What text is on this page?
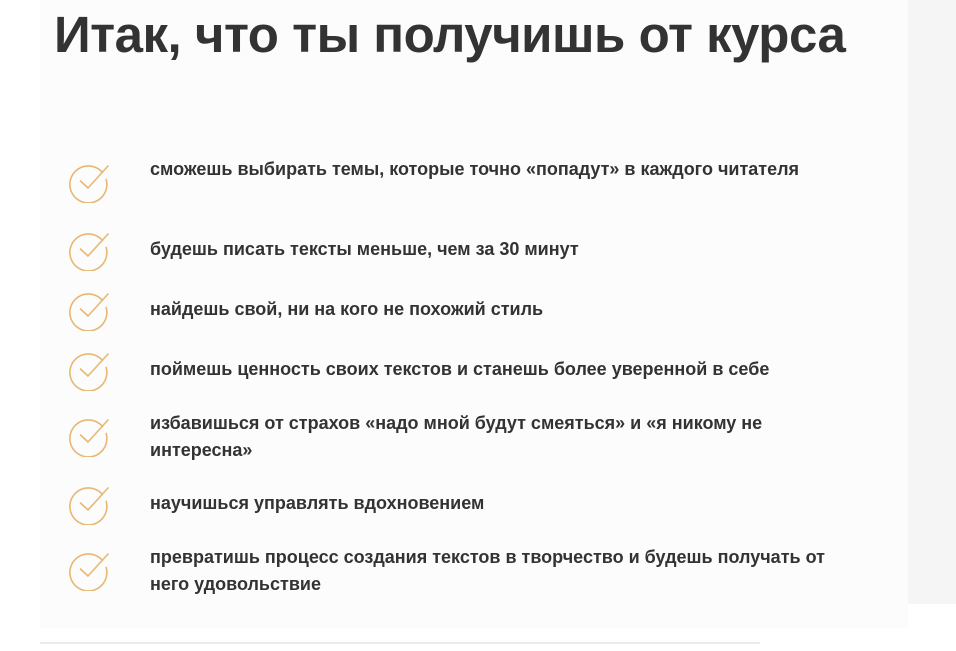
Итак, что ты получишь от курса
сможешь выбирать темы, которые точно «попадут» в каждого читателя
будешь писать тексты меньше, чем за 30 минут
найдешь свой, ни на кого не похожий стиль
поймешь ценность своих текстов и станешь более уверенной в себе
избавишься от страхов «надо мной будут смеяться» и «я никому не интересна»
научишься управлять вдохновением
превратишь процесс создания текстов в творчество и будешь получать от него удовольствие
